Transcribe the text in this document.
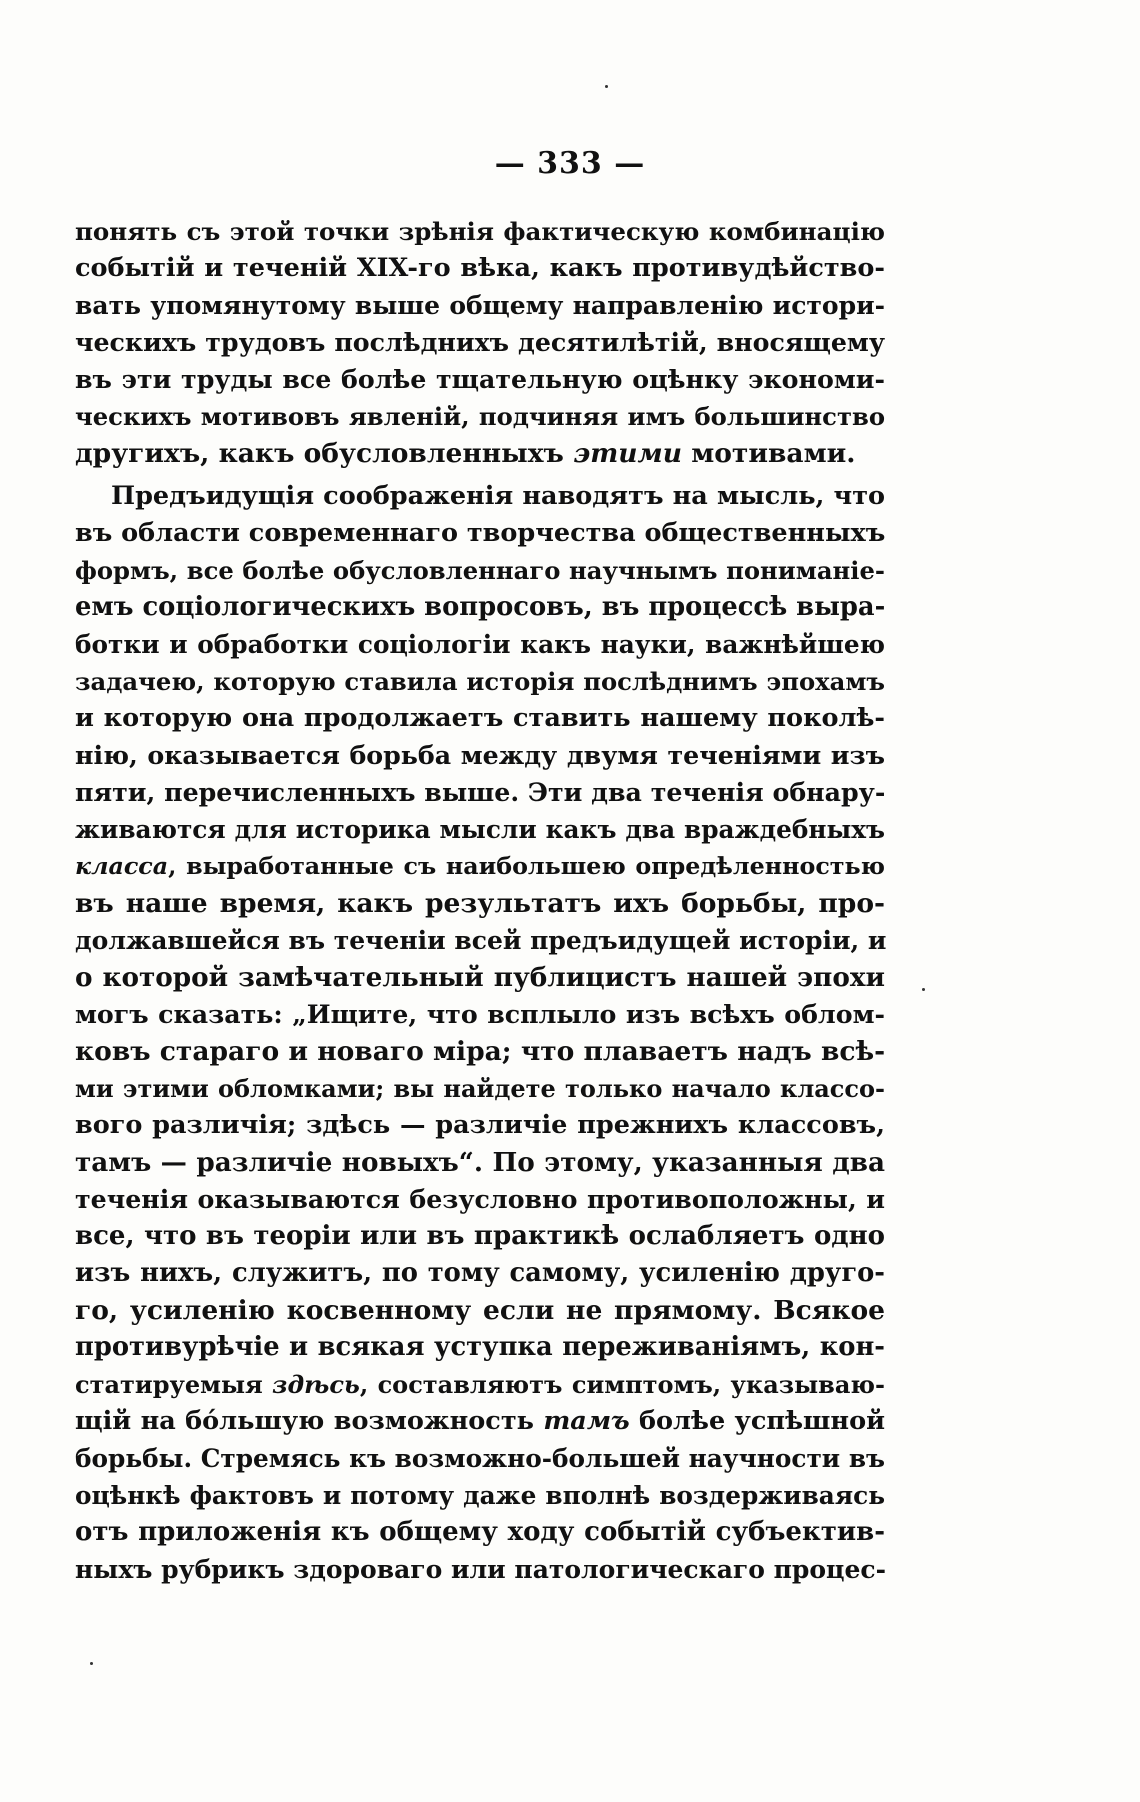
— 333 —
понять съ этой точки зрѣнія фактическую комбинацію
событій и теченій XIX-го вѣка, какъ противудѣйство-
вать упомянутому выше общему направленію истори-
ческихъ трудовъ послѣднихъ десятилѣтій, вносящему
въ эти труды все болѣе тщательную оцѣнку экономи-
ческихъ мотивовъ явленій, подчиняя имъ большинство
другихъ, какъ обусловленныхъ этими мотивами.
Предъидущія соображенія наводятъ на мысль, что
въ области современнаго творчества общественныхъ
формъ, все болѣе обусловленнаго научнымъ пониманіе-
емъ соціологическихъ вопросовъ, въ процессѣ выра-
ботки и обработки соціологіи какъ науки, важнѣйшею
задачею, которую ставила исторія послѣднимъ эпохамъ
и которую она продолжаетъ ставить нашему поколѣ-
нію, оказывается борьба между двумя теченіями изъ
пяти, перечисленныхъ выше. Эти два теченія обнару-
живаются для историка мысли какъ два враждебныхъ
класса, выработанные съ наибольшею опредѣленностью
въ наше время, какъ результатъ ихъ борьбы, про-
должавшейся въ теченіи всей предъидущей исторіи, и
о которой замѣчательный публицистъ нашей эпохи
могъ сказать: „Ищите, что всплыло изъ всѣхъ облом-
ковъ стараго и новаго міра; что плаваетъ надъ всѣ-
ми этими обломками; вы найдете только начало классо-
вого различія; здѣсь — различіе прежнихъ классовъ,
тамъ — различіе новыхъ“. По этому, указанныя два
теченія оказываются безусловно противоположны, и
все, что въ теоріи или въ практикѣ ослабляетъ одно
изъ нихъ, служитъ, по тому самому, усиленію друго-
го, усиленію косвенному если не прямому. Всякое
противурѣчіе и всякая уступка переживаніямъ, кон-
статируемыя здѣсь, составляютъ симптомъ, указываю-
щій на бо́льшую возможность тамъ болѣе успѣшной
борьбы. Стремясь къ возможно-большей научности въ
оцѣнкѣ фактовъ и потому даже вполнѣ воздерживаясь
отъ приложенія къ общему ходу событій субъектив-
ныхъ рубрикъ здороваго или патологическаго процес-
